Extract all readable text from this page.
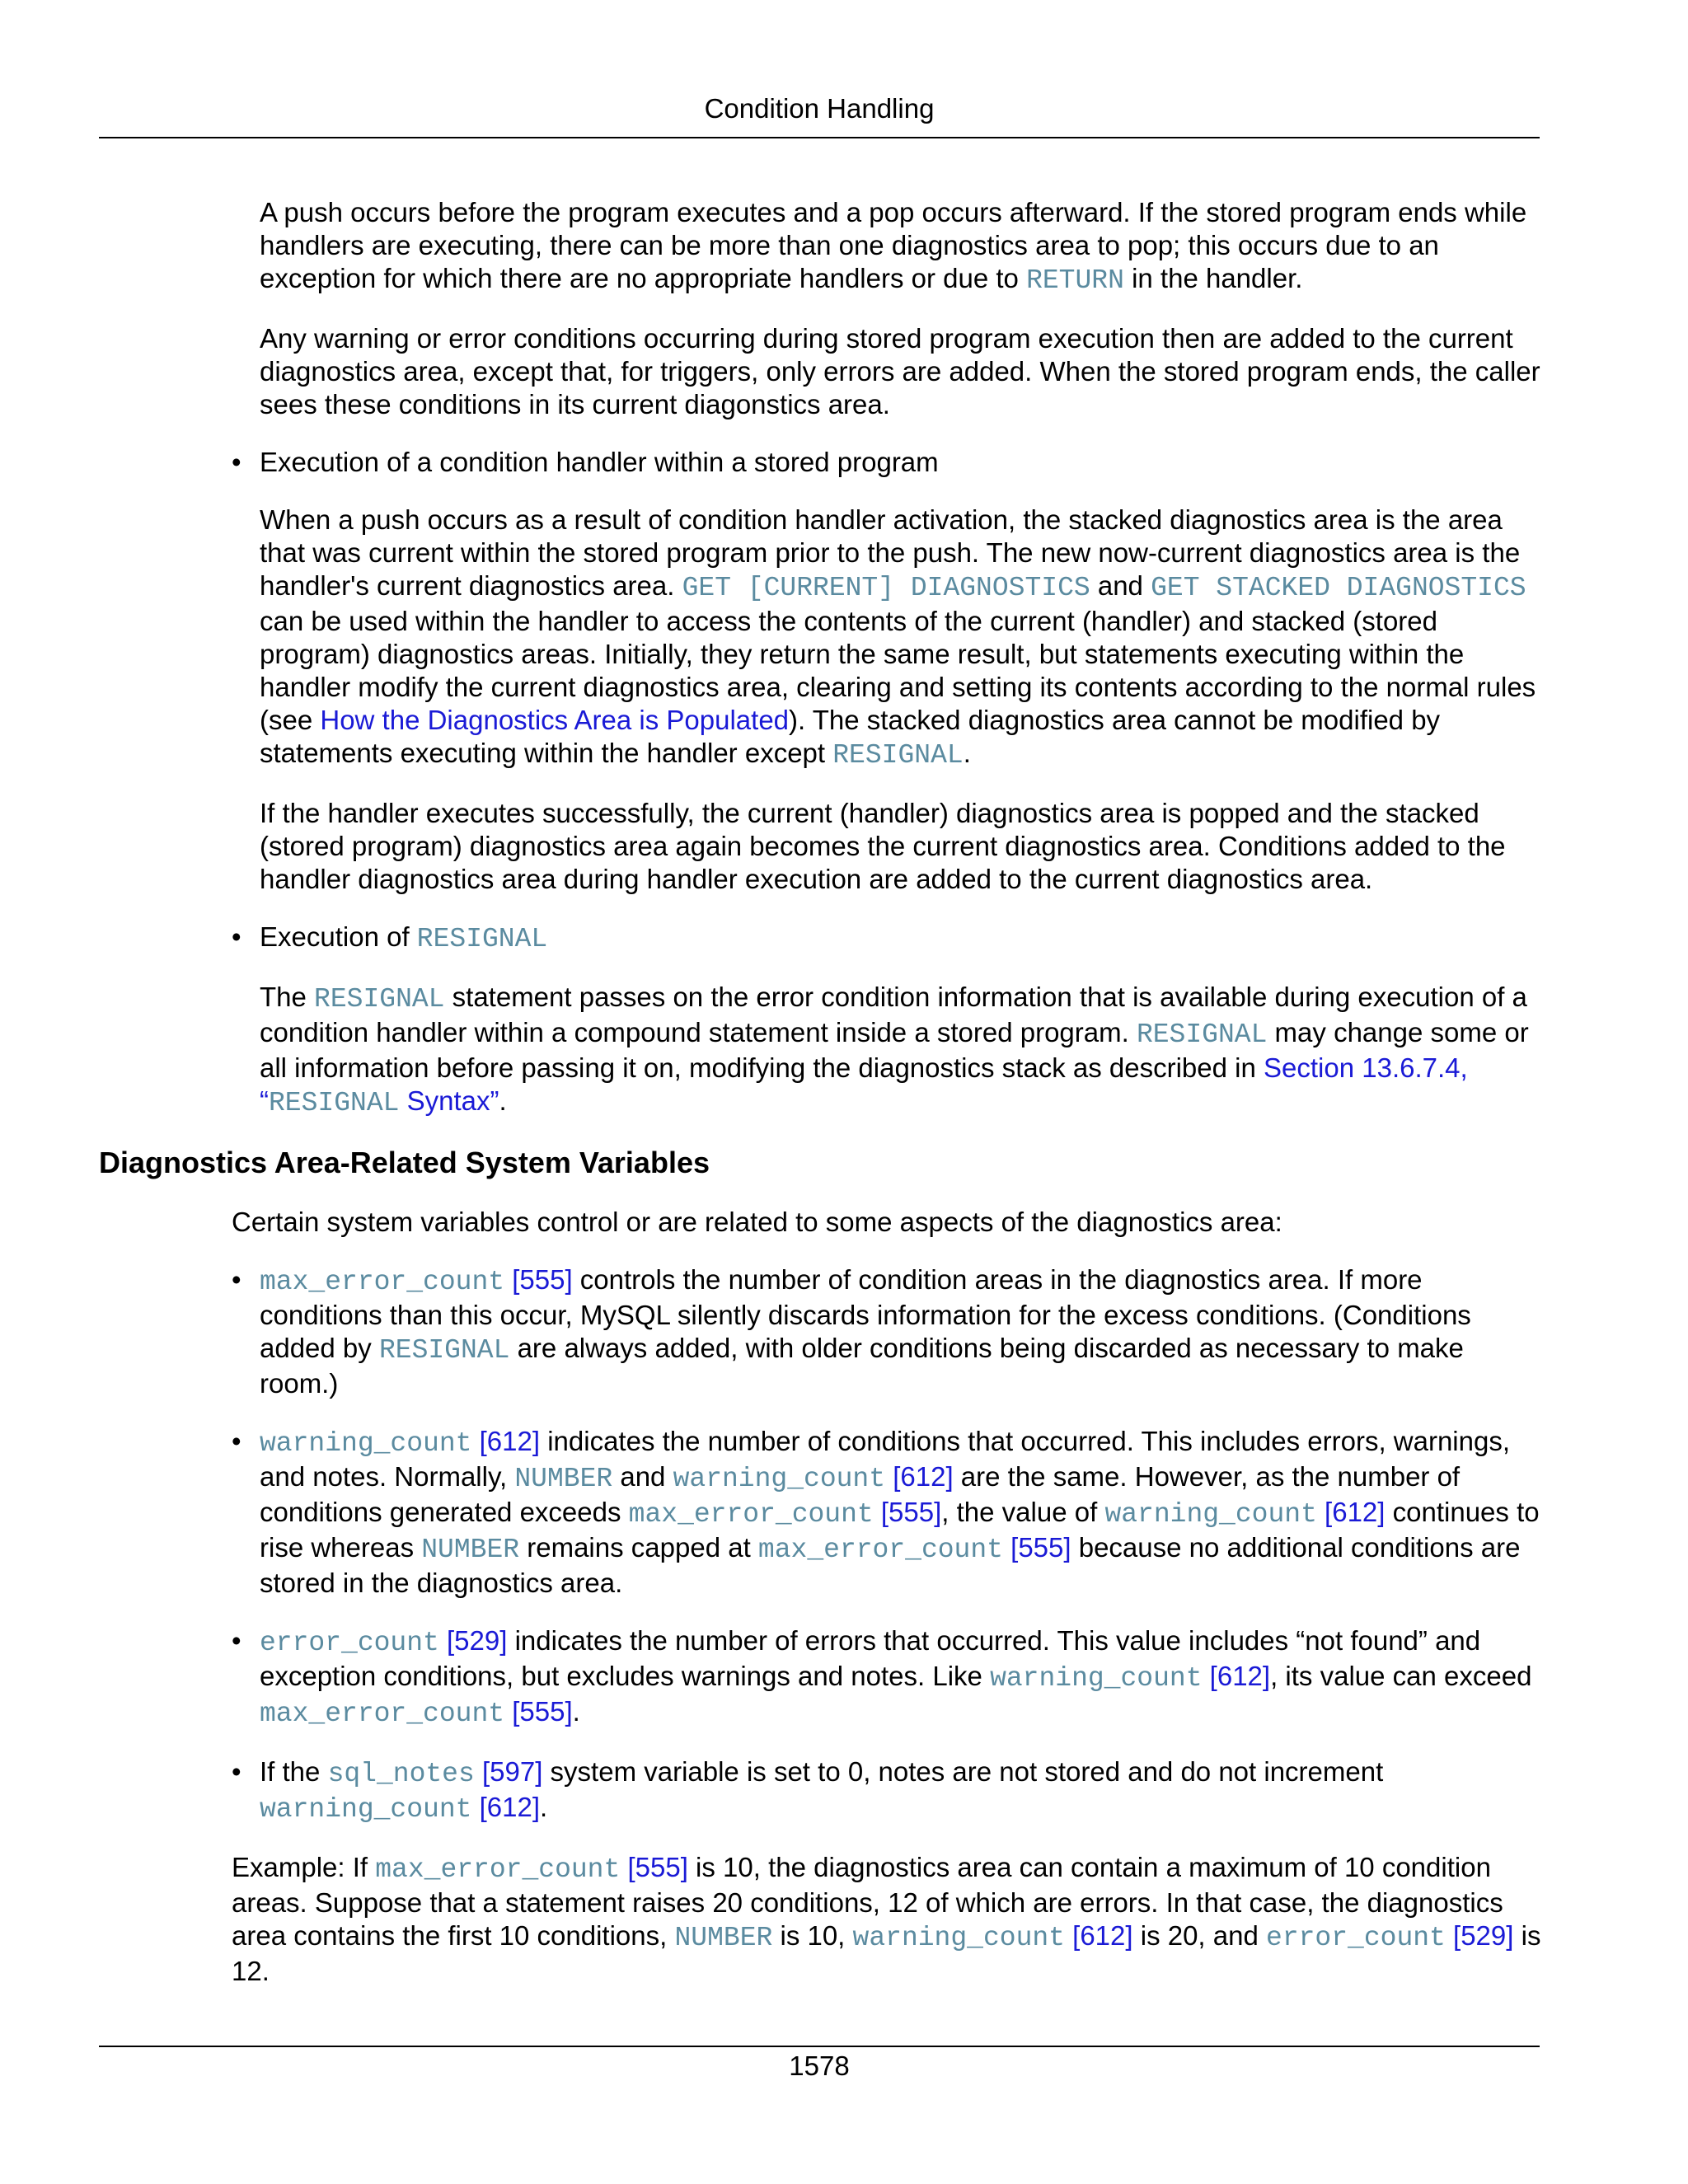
Condition Handling

A push occurs before the program executes and a pop occurs afterward. If the stored program ends while handlers are executing, there can be more than one diagnostics area to pop; this occurs due to an exception for which there are no appropriate handlers or due to RETURN in the handler.

Any warning or error conditions occurring during stored program execution then are added to the current diagnostics area, except that, for triggers, only errors are added. When the stored program ends, the caller sees these conditions in its current diagonstics area.

• Execution of a condition handler within a stored program

When a push occurs as a result of condition handler activation, the stacked diagnostics area is the area that was current within the stored program prior to the push. The new now-current diagnostics area is the handler's current diagnostics area. GET [CURRENT] DIAGNOSTICS and GET STACKED DIAGNOSTICS can be used within the handler to access the contents of the current (handler) and stacked (stored program) diagnostics areas. Initially, they return the same result, but statements executing within the handler modify the current diagnostics area, clearing and setting its contents according to the normal rules (see How the Diagnostics Area is Populated). The stacked diagnostics area cannot be modified by statements executing within the handler except RESIGNAL.

If the handler executes successfully, the current (handler) diagnostics area is popped and the stacked (stored program) diagnostics area again becomes the current diagnostics area. Conditions added to the handler diagnostics area during handler execution are added to the current diagnostics area.

• Execution of RESIGNAL

The RESIGNAL statement passes on the error condition information that is available during execution of a condition handler within a compound statement inside a stored program. RESIGNAL may change some or all information before passing it on, modifying the diagnostics stack as described in Section 13.6.7.4, “RESIGNAL Syntax”.

Diagnostics Area-Related System Variables

Certain system variables control or are related to some aspects of the diagnostics area:

• max_error_count [555] controls the number of condition areas in the diagnostics area. If more conditions than this occur, MySQL silently discards information for the excess conditions. (Conditions added by RESIGNAL are always added, with older conditions being discarded as necessary to make room.)

• warning_count [612] indicates the number of conditions that occurred. This includes errors, warnings, and notes. Normally, NUMBER and warning_count [612] are the same. However, as the number of conditions generated exceeds max_error_count [555], the value of warning_count [612] continues to rise whereas NUMBER remains capped at max_error_count [555] because no additional conditions are stored in the diagnostics area.

• error_count [529] indicates the number of errors that occurred. This value includes “not found” and exception conditions, but excludes warnings and notes. Like warning_count [612], its value can exceed max_error_count [555].

• If the sql_notes [597] system variable is set to 0, notes are not stored and do not increment warning_count [612].

Example: If max_error_count [555] is 10, the diagnostics area can contain a maximum of 10 condition areas. Suppose that a statement raises 20 conditions, 12 of which are errors. In that case, the diagnostics area contains the first 10 conditions, NUMBER is 10, warning_count [612] is 20, and error_count [529] is 12.

1578
